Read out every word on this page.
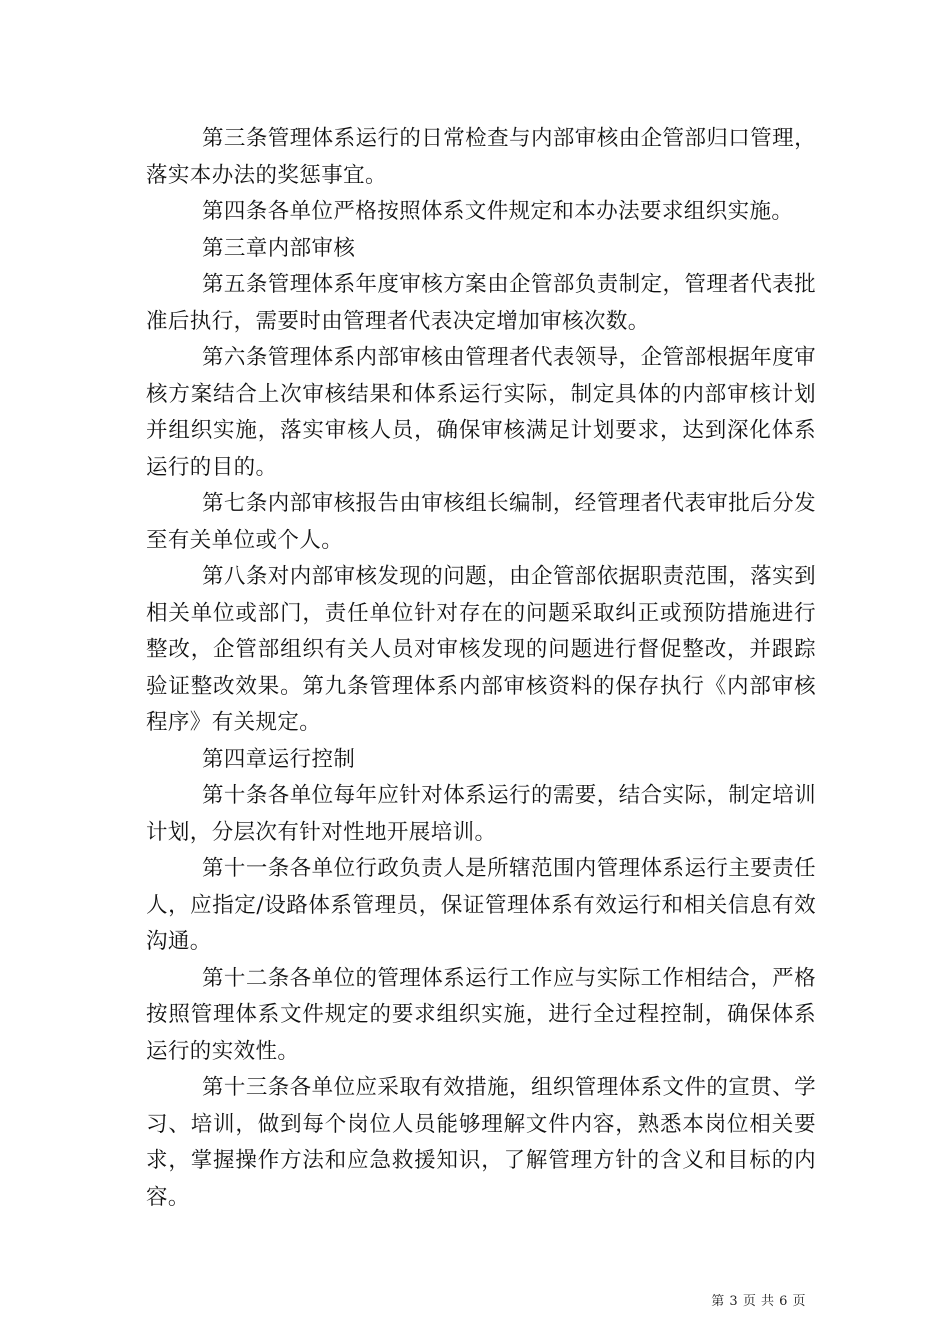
第三条管理体系运行的日常检查与内部审核由企管部归口管理，落实本办法的奖惩事宜。

第四条各单位严格按照体系文件规定和本办法要求组织实施。

第三章内部审核

第五条管理体系年度审核方案由企管部负责制定，管理者代表批准后执行，需要时由管理者代表决定增加审核次数。

第六条管理体系内部审核由管理者代表领导，企管部根据年度审核方案结合上次审核结果和体系运行实际，制定具体的内部审核计划并组织实施，落实审核人员，确保审核满足计划要求，达到深化体系运行的目的。

第七条内部审核报告由审核组长编制，经管理者代表审批后分发至有关单位或个人。

第八条对内部审核发现的问题，由企管部依据职责范围，落实到相关单位或部门，责任单位针对存在的问题采取纠正或预防措施进行整改，企管部组织有关人员对审核发现的问题进行督促整改，并跟踪验证整改效果。第九条管理体系内部审核资料的保存执行《内部审核程序》有关规定。

第四章运行控制

第十条各单位每年应针对体系运行的需要，结合实际，制定培训计划，分层次有针对性地开展培训。

第十一条各单位行政负责人是所辖范围内管理体系运行主要责任人，应指定/设路体系管理员，保证管理体系有效运行和相关信息有效沟通。

第十二条各单位的管理体系运行工作应与实际工作相结合，严格按照管理体系文件规定的要求组织实施，进行全过程控制，确保体系运行的实效性。

第十三条各单位应采取有效措施，组织管理体系文件的宣贯、学习、培训，做到每个岗位人员能够理解文件内容，熟悉本岗位相关要求，掌握操作方法和应急救援知识，了解管理方针的含义和目标的内容。

第 3 页 共 6 页
